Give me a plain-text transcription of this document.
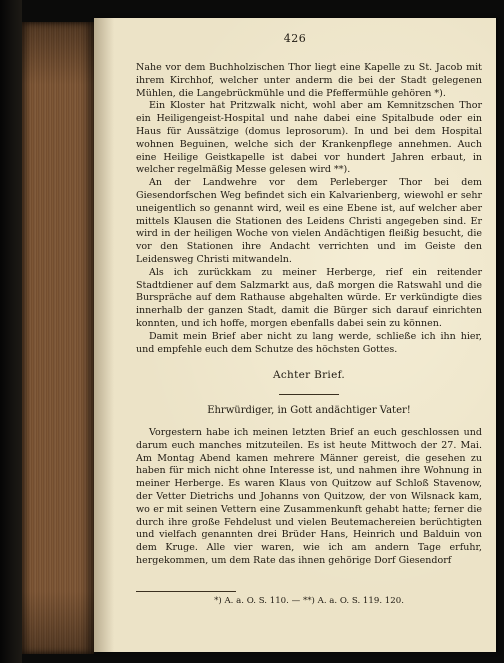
426

Nahe vor dem Buchholzischen Thor liegt eine Kapelle zu St. Jacob mit ihrem Kirchhof, welcher unter anderm die bei der Stadt gelegenen Mühlen, die Langebrückmühle und die Pfeffermühle gehören *).

Ein Kloster hat Pritzwalk nicht, wohl aber am Kemnitzschen Thor ein Heiligengeist-Hospital und nahe dabei eine Spitalbude oder ein Haus für Aussätzige (domus leprosorum). In und bei dem Hospital wohnen Beguinen, welche sich der Krankenpflege annehmen. Auch eine Heilige Geistkapelle ist dabei vor hundert Jahren erbaut, in welcher regelmäßig Messe gelesen wird **).

An der Landwehre vor dem Perleberger Thor bei dem Giesendorfschen Weg befindet sich ein Kalvarienberg, wiewohl er sehr uneigentlich so genannt wird, weil es eine Ebene ist, auf welcher aber mittels Klausen die Stationen des Leidens Christi angegeben sind. Er wird in der heiligen Woche von vielen Andächtigen fleißig besucht, die vor den Stationen ihre Andacht verrichten und im Geiste den Leidensweg Christi mitwandeln.

Als ich zurückkam zu meiner Herberge, rief ein reitender Stadtdiener auf dem Salzmarkt aus, daß morgen die Ratswahl und die Burspräche auf dem Rathause abgehalten würde. Er verkündigte dies innerhalb der ganzen Stadt, damit die Bürger sich darauf einrichten konnten, und ich hoffe, morgen ebenfalls dabei sein zu können.

Damit mein Brief aber nicht zu lang werde, schließe ich ihn hier, und empfehle euch dem Schutze des höchsten Gottes.

Achter Brief.

Ehrwürdiger, in Gott andächtiger Vater!

Vorgestern habe ich meinen letzten Brief an euch geschlossen und darum euch manches mitzuteilen. Es ist heute Mittwoch der 27. Mai. Am Montag Abend kamen mehrere Männer gereist, die gesehen zu haben für mich nicht ohne Interesse ist, und nahmen ihre Wohnung in meiner Herberge. Es waren Klaus von Quitzow auf Schloß Stavenow, der Vetter Dietrichs und Johanns von Quitzow, der von Wilsnack kam, wo er mit seinen Vettern eine Zusammenkunft gehabt hatte; ferner die durch ihre große Fehdelust und vielen Beutemachereien berüchtigten und vielfach genannten drei Brüder Hans, Heinrich und Balduin von dem Kruge. Alle vier waren, wie ich am andern Tage erfuhr, hergekommen, um dem Rate das ihnen gehörige Dorf Giesendorf

*) A. a. O. S. 110. — **) A. a. O. S. 119. 120.
